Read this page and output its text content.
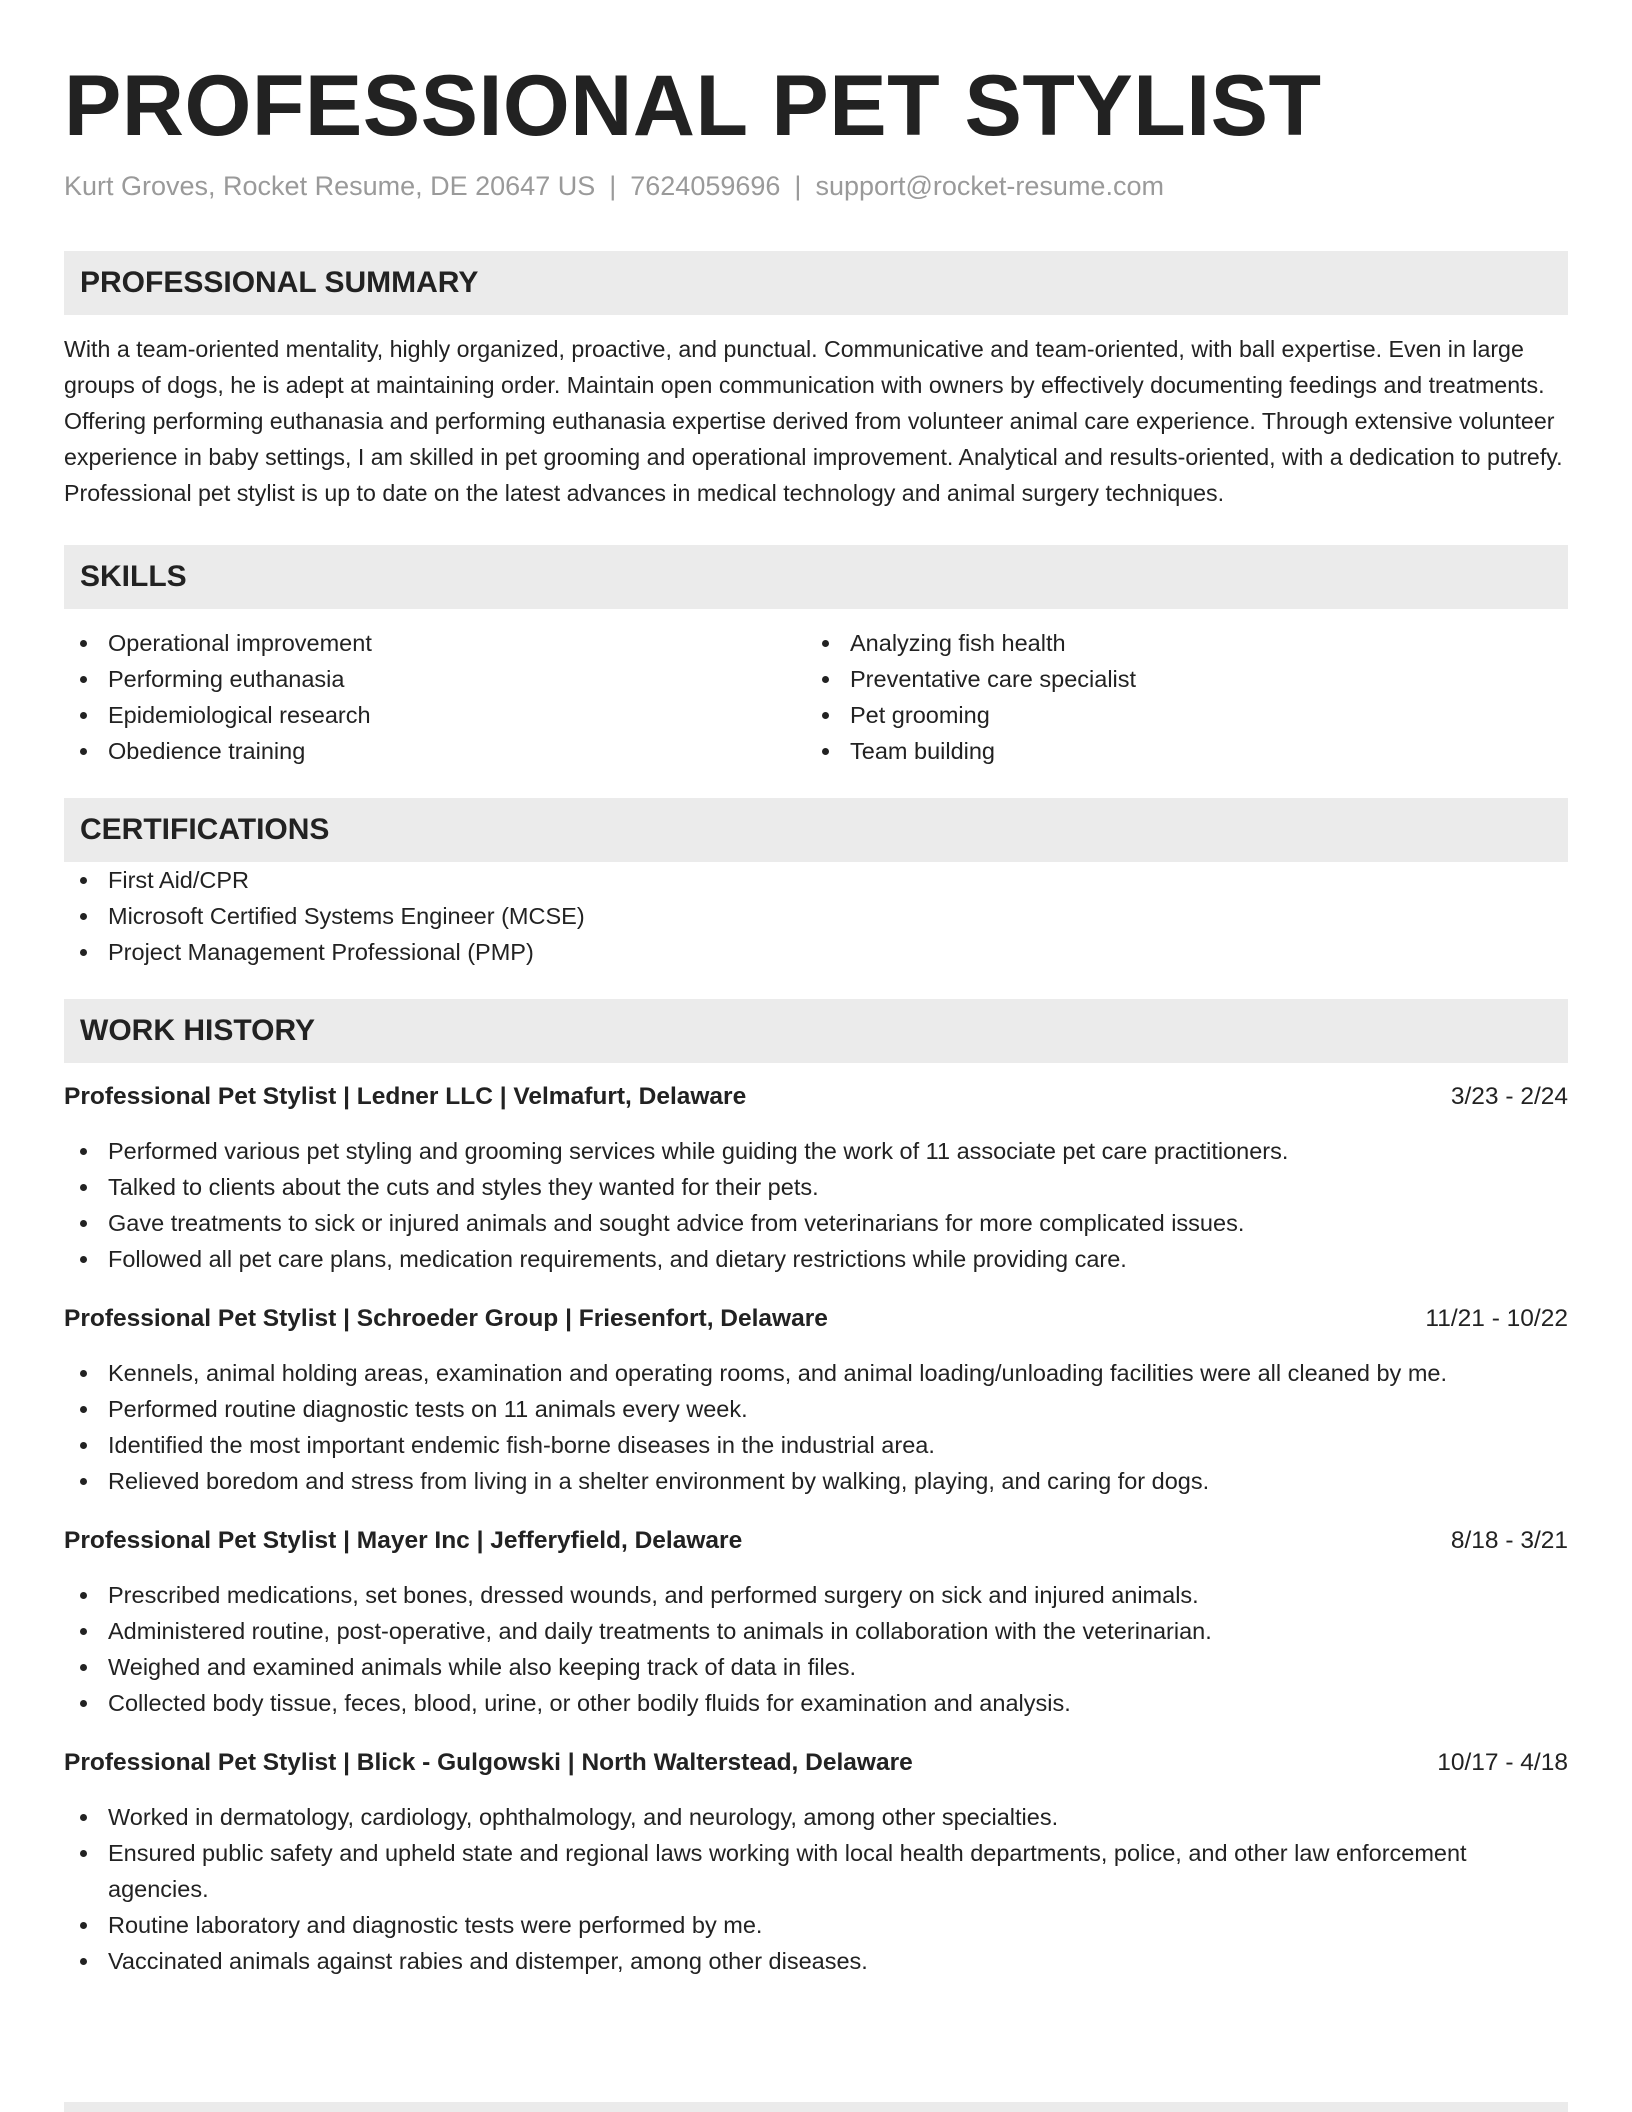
PROFESSIONAL PET STYLIST
Kurt Groves, Rocket Resume, DE 20647 US | 7624059696 | support@rocket-resume.com
PROFESSIONAL SUMMARY

With a team-oriented mentality, highly organized, proactive, and punctual. Communicative and team-oriented, with ball expertise. Even in large groups of dogs, he is adept at maintaining order. Maintain open communication with owners by effectively documenting feedings and treatments. Offering performing euthanasia and performing euthanasia expertise derived from volunteer animal care experience. Through extensive volunteer experience in baby settings, I am skilled in pet grooming and operational improvement. Analytical and results-oriented, with a dedication to putrefy. Professional pet stylist is up to date on the latest advances in medical technology and animal surgery techniques.

SKILLS
Operational improvement
Performing euthanasia
Epidemiological research
Obedience training
Analyzing fish health
Preventative care specialist
Pet grooming
Team building
CERTIFICATIONS
First Aid/CPR
Microsoft Certified Systems Engineer (MCSE)
Project Management Professional (PMP)
WORK HISTORY
Professional Pet Stylist | Ledner LLC | Velmafurt, Delaware	3/23 - 2/24
Performed various pet styling and grooming services while guiding the work of 11 associate pet care practitioners.
Talked to clients about the cuts and styles they wanted for their pets.
Gave treatments to sick or injured animals and sought advice from veterinarians for more complicated issues.
Followed all pet care plans, medication requirements, and dietary restrictions while providing care.
Professional Pet Stylist | Schroeder Group | Friesenfort, Delaware	11/21 - 10/22
Kennels, animal holding areas, examination and operating rooms, and animal loading/unloading facilities were all cleaned by me.
Performed routine diagnostic tests on 11 animals every week.
Identified the most important endemic fish-borne diseases in the industrial area.
Relieved boredom and stress from living in a shelter environment by walking, playing, and caring for dogs.
Professional Pet Stylist | Mayer Inc | Jefferyfield, Delaware	8/18 - 3/21
Prescribed medications, set bones, dressed wounds, and performed surgery on sick and injured animals.
Administered routine, post-operative, and daily treatments to animals in collaboration with the veterinarian.
Weighed and examined animals while also keeping track of data in files.
Collected body tissue, feces, blood, urine, or other bodily fluids for examination and analysis.
Professional Pet Stylist | Blick - Gulgowski | North Walterstead, Delaware	10/17 - 4/18
Worked in dermatology, cardiology, ophthalmology, and neurology, among other specialties.
Ensured public safety and upheld state and regional laws working with local health departments, police, and other law enforcement agencies.
Routine laboratory and diagnostic tests were performed by me.
Vaccinated animals against rabies and distemper, among other diseases.
